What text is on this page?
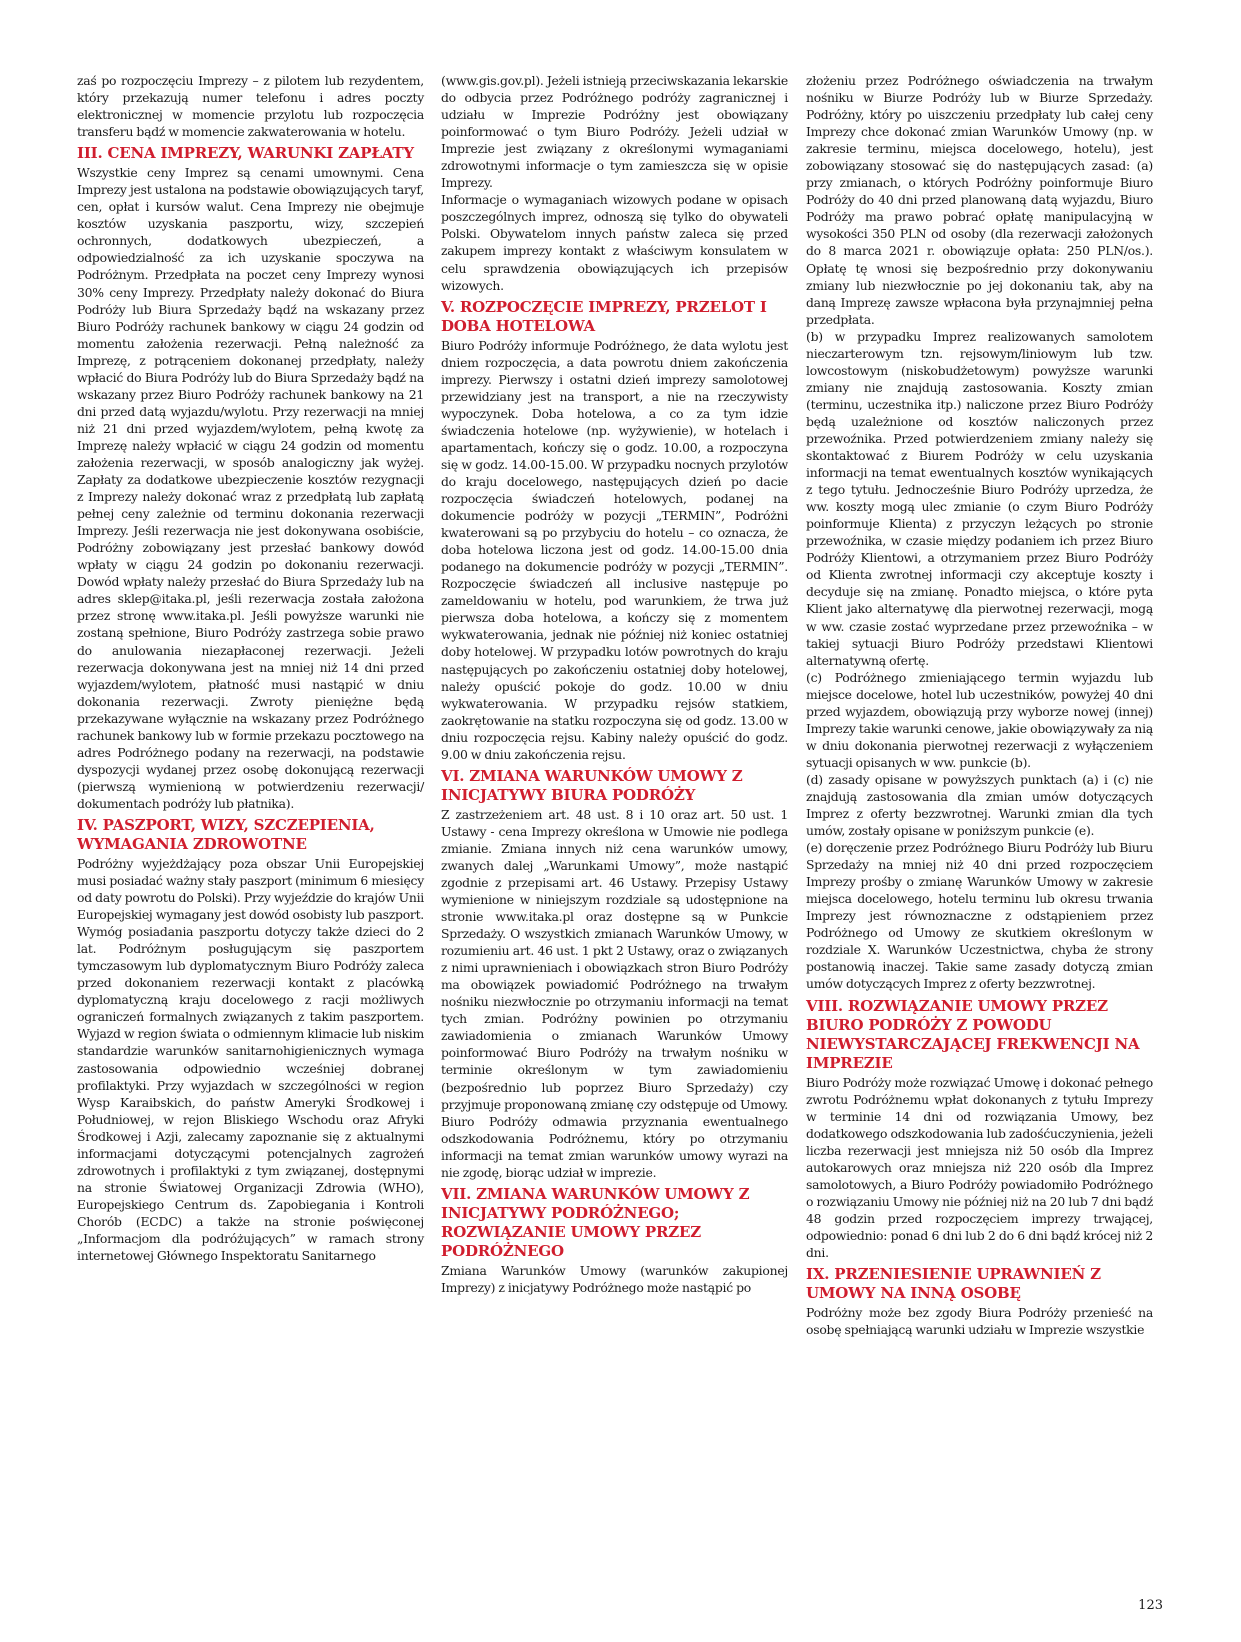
zaś po rozpoczęciu Imprezy – z pilotem lub rezydentem, który przekazują numer telefonu i adres poczty elektronicznej w momencie przylotu lub rozpoczęcia transferu bądź w momencie zakwaterowania w hotelu.

III. CENA IMPREZY, WARUNKI ZAPŁATY

Wszystkie ceny Imprez są cenami umownymi. Cena Imprezy jest ustalona na podstawie obowiązujących taryf, cen, opłat i kursów walut. Cena Imprezy nie obejmuje kosztów uzyskania paszportu, wizy, szczepień ochronnych, dodatkowych ubezpieczeń, a odpowiedzialność za ich uzyskanie spoczywa na Podróżnym. Przedpłata na poczet ceny Imprezy wynosi 30% ceny Imprezy. Przedpłaty należy dokonać do Biura Podróży lub Biura Sprzedaży bądź na wskazany przez Biuro Podróży rachunek bankowy w ciągu 24 godzin od momentu założenia rezerwacji. Pełną należność za Imprezę, z potrąceniem dokonanej przedpłaty, należy wpłacić do Biura Podróży lub do Biura Sprzedaży bądź na wskazany przez Biuro Podróży rachunek bankowy na 21 dni przed datą wyjazdu/wylotu. Przy rezerwacji na mniej niż 21 dni przed wyjazdem/wylotem, pełną kwotę za Imprezę należy wpłacić w ciągu 24 godzin od momentu założenia rezerwacji, w sposób analogiczny jak wyżej. Zapłaty za dodatkowe ubezpieczenie kosztów rezygnacji z Imprezy należy dokonać wraz z przedpłatą lub zapłatą pełnej ceny zależnie od terminu dokonania rezerwacji Imprezy. Jeśli rezerwacja nie jest dokonywana osobiście, Podróżny zobowiązany jest przesłać bankowy dowód wpłaty w ciągu 24 godzin po dokonaniu rezerwacji. Dowód wpłaty należy przesłać do Biura Sprzedaży lub na adres sklep@itaka.pl, jeśli rezerwacja została założona przez stronę www.itaka.pl. Jeśli powyższe warunki nie zostaną spełnione, Biuro Podróży zastrzega sobie prawo do anulowania niezapłaconej rezerwacji. Jeżeli rezerwacja dokonywana jest na mniej niż 14 dni przed wyjazdem/wylotem, płatność musi nastąpić w dniu dokonania rezerwacji. Zwroty pieniężne będą przekazywane wyłącznie na wskazany przez Podróżnego rachunek bankowy lub w formie przekazu pocztowego na adres Podróżnego podany na rezerwacji, na podstawie dyspozycji wydanej przez osobę dokonującą rezerwacji (pierwszą wymienioną w potwierdzeniu rezerwacji/ dokumentach podróży lub płatnika).

IV. PASZPORT, WIZY, SZCZEPIENIA, WYMAGANIA ZDROWOTNE

Podróżny wyjeżdżający poza obszar Unii Europejskiej musi posiadać ważny stały paszport (minimum 6 miesięcy od daty powrotu do Polski). Przy wyjeździe do krajów Unii Europejskiej wymagany jest dowód osobisty lub paszport. Wymóg posiadania paszportu dotyczy także dzieci do 2 lat. Podróżnym posługującym się paszportem tymczasowym lub dyplomatycznym Biuro Podróży zaleca przed dokonaniem rezerwacji kontakt z placówką dyplomatyczną kraju docelowego z racji możliwych ograniczeń formalnych związanych z takim paszportem. Wyjazd w region świata o odmiennym klimacie lub niskim standardzie warunków sanitarnohigienicznych wymaga zastosowania odpowiednio wcześniej dobranej profilaktyki. Przy wyjazdach w szczególności w region Wysp Karaibskich, do państw Ameryki Środkowej i Południowej, w rejon Bliskiego Wschodu oraz Afryki Środkowej i Azji, zalecamy zapoznanie się z aktualnymi informacjami dotyczącymi potencjalnych zagrożeń zdrowotnych i profilaktyki z tym związanej, dostępnymi na stronie Światowej Organizacji Zdrowia (WHO), Europejskiego Centrum ds. Zapobiegania i Kontroli Chorób (ECDC) a także na stronie poświęconej „Informacjom dla podróżujących” w ramach strony internetowej Głównego Inspektoratu Sanitarnego

(www.gis.gov.pl). Jeżeli istnieją przeciwskazania lekarskie do odbycia przez Podróżnego podróży zagranicznej i udziału w Imprezie Podróżny jest obowiązany poinformować o tym Biuro Podróży. Jeżeli udział w Imprezie jest związany z określonymi wymaganiami zdrowotnymi informacje o tym zamieszcza się w opisie Imprezy.

Informacje o wymaganiach wizowych podane w opisach poszczególnych imprez, odnoszą się tylko do obywateli Polski. Obywatelom innych państw zaleca się przed zakupem imprezy kontakt z właściwym konsulatem w celu sprawdzenia obowiązujących ich przepisów wizowych.

V. ROZPOCZĘCIE IMPREZY, PRZELOT I DOBA HOTELOWA

Biuro Podróży informuje Podróżnego, że data wylotu jest dniem rozpoczęcia, a data powrotu dniem zakończenia imprezy. Pierwszy i ostatni dzień imprezy samolotowej przewidziany jest na transport, a nie na rzeczywisty wypoczynek. Doba hotelowa, a co za tym idzie świadczenia hotelowe (np. wyżywienie), w hotelach i apartamentach, kończy się o godz. 10.00, a rozpoczyna się w godz. 14.00-15.00. W przypadku nocnych przylotów do kraju docelowego, następujących dzień po dacie rozpoczęcia świadczeń hotelowych, podanej na dokumencie podróży w pozycji „TERMIN”, Podróżni kwaterowani są po przybyciu do hotelu – co oznacza, że doba hotelowa liczona jest od godz. 14.00-15.00 dnia podanego na dokumencie podróży w pozycji „TERMIN”. Rozpoczęcie świadczeń all inclusive następuje po zameldowaniu w hotelu, pod warunkiem, że trwa już pierwsza doba hotelowa, a kończy się z momentem wykwaterowania, jednak nie później niż koniec ostatniej doby hotelowej. W przypadku lotów powrotnych do kraju następujących po zakończeniu ostatniej doby hotelowej, należy opuścić pokoje do godz. 10.00 w dniu wykwaterowania. W przypadku rejsów statkiem, zaokrętowanie na statku rozpoczyna się od godz. 13.00 w dniu rozpoczęcia rejsu. Kabiny należy opuścić do godz. 9.00 w dniu zakończenia rejsu.

VI. ZMIANA WARUNKÓW UMOWY Z INICJATYWY BIURA PODRÓŻY

Z zastrzeżeniem art. 48 ust. 8 i 10 oraz art. 50 ust. 1 Ustawy - cena Imprezy określona w Umowie nie podlega zmianie. Zmiana innych niż cena warunków umowy, zwanych dalej „Warunkami Umowy”, może nastąpić zgodnie z przepisami art. 46 Ustawy. Przepisy Ustawy wymienione w niniejszym rozdziale są udostępnione na stronie www.itaka.pl oraz dostępne są w Punkcie Sprzedaży. O wszystkich zmianach Warunków Umowy, w rozumieniu art. 46 ust. 1 pkt 2 Ustawy, oraz o związanych z nimi uprawnieniach i obowiązkach stron Biuro Podróży ma obowiązek powiadomić Podróżnego na trwałym nośniku niezwłocznie po otrzymaniu informacji na temat tych zmian. Podróżny powinien po otrzymaniu zawiadomienia o zmianach Warunków Umowy poinformować Biuro Podróży na trwałym nośniku w terminie określonym w tym zawiadomieniu (bezpośrednio lub poprzez Biuro Sprzedaży) czy przyjmuje proponowaną zmianę czy odstępuje od Umowy. Biuro Podróży odmawia przyznania ewentualnego odszkodowania Podróżnemu, który po otrzymaniu informacji na temat zmian warunków umowy wyrazi na nie zgodę, biorąc udział w imprezie.

VII. ZMIANA WARUNKÓW UMOWY Z INICJATYWY PODRÓŻNEGO; ROZWIĄZANIE UMOWY PRZEZ PODRÓŻNEGO

Zmiana Warunków Umowy (warunków zakupionej Imprezy) z inicjatywy Podróżnego może nastąpić po

złożeniu przez Podróżnego oświadczenia na trwałym nośniku w Biurze Podróży lub w Biurze Sprzedaży. Podróżny, który po uiszczeniu przedpłaty lub całej ceny Imprezy chce dokonać zmian Warunków Umowy (np. w zakresie terminu, miejsca docelowego, hotelu), jest zobowiązany stosować się do następujących zasad: (a) przy zmianach, o których Podróżny poinformuje Biuro Podróży do 40 dni przed planowaną datą wyjazdu, Biuro Podróży ma prawo pobrać opłatę manipulacyjną w wysokości 350 PLN od osoby (dla rezerwacji założonych do 8 marca 2021 r. obowiązuje opłata: 250 PLN/os.). Opłatę tę wnosi się bezpośrednio przy dokonywaniu zmiany lub niezwłocznie po jej dokonaniu tak, aby na daną Imprezę zawsze wpłacona była przynajmniej pełna przedpłata.

(b) w przypadku Imprez realizowanych samolotem nieczarterowym tzn. rejsowym/liniowym lub tzw. lowcostowym (niskobudżetowym) powyższe warunki zmiany nie znajdują zastosowania. Koszty zmian (terminu, uczestnika itp.) naliczone przez Biuro Podróży będą uzależnione od kosztów naliczonych przez przewoźnika. Przed potwierdzeniem zmiany należy się skontaktować z Biurem Podróży w celu uzyskania informacji na temat ewentualnych kosztów wynikających z tego tytułu. Jednocześnie Biuro Podróży uprzedza, że ww. koszty mogą ulec zmianie (o czym Biuro Podróży poinformuje Klienta) z przyczyn leżących po stronie przewoźnika, w czasie między podaniem ich przez Biuro Podróży Klientowi, a otrzymaniem przez Biuro Podróży od Klienta zwrotnej informacji czy akceptuje koszty i decyduje się na zmianę. Ponadto miejsca, o które pyta Klient jako alternatywę dla pierwotnej rezerwacji, mogą w ww. czasie zostać wyprzedane przez przewoźnika – w takiej sytuacji Biuro Podróży przedstawi Klientowi alternatywną ofertę.

(c) Podróżnego zmieniającego termin wyjazdu lub miejsce docelowe, hotel lub uczestników, powyżej 40 dni przed wyjazdem, obowiązują przy wyborze nowej (innej) Imprezy takie warunki cenowe, jakie obowiązywały za nią w dniu dokonania pierwotnej rezerwacji z wyłączeniem sytuacji opisanych w ww. punkcie (b).

(d) zasady opisane w powyższych punktach (a) i (c) nie znajdują zastosowania dla zmian umów dotyczących Imprez z oferty bezzwrotnej. Warunki zmian dla tych umów, zostały opisane w poniższym punkcie (e).

(e) doręczenie przez Podróżnego Biuru Podróży lub Biuru Sprzedaży na mniej niż 40 dni przed rozpoczęciem Imprezy prośby o zmianę Warunków Umowy w zakresie miejsca docelowego, hotelu terminu lub okresu trwania Imprezy jest równoznaczne z odstąpieniem przez Podróżnego od Umowy ze skutkiem określonym w rozdziale X. Warunków Uczestnictwa, chyba że strony postanowią inaczej. Takie same zasady dotyczą zmian umów dotyczących Imprez z oferty bezzwrotnej.

VIII. ROZWIĄZANIE UMOWY PRZEZ BIURO PODRÓŻY Z POWODU NIEWYSTARCZAJĄCEJ FREKWENCJI NA IMPREZIE

Biuro Podróży może rozwiązać Umowę i dokonać pełnego zwrotu Podróżnemu wpłat dokonanych z tytułu Imprezy w terminie 14 dni od rozwiązania Umowy, bez dodatkowego odszkodowania lub zadośćuczynienia, jeżeli liczba rezerwacji jest mniejsza niż 50 osób dla Imprez autokarowych oraz mniejsza niż 220 osób dla Imprez samolotowych, a Biuro Podróży powiadomiło Podróżnego o rozwiązaniu Umowy nie później niż na 20 lub 7 dni bądź 48 godzin przed rozpoczęciem imprezy trwającej, odpowiednio: ponad 6 dni lub 2 do 6 dni bądź krócej niż 2 dni.

IX. PRZENIESIENIE UPRAWNIEŃ Z UMOWY NA INNĄ OSOBĘ

Podróżny może bez zgody Biura Podróży przenieść na osobę spełniającą warunki udziału w Imprezie wszystkie

123
